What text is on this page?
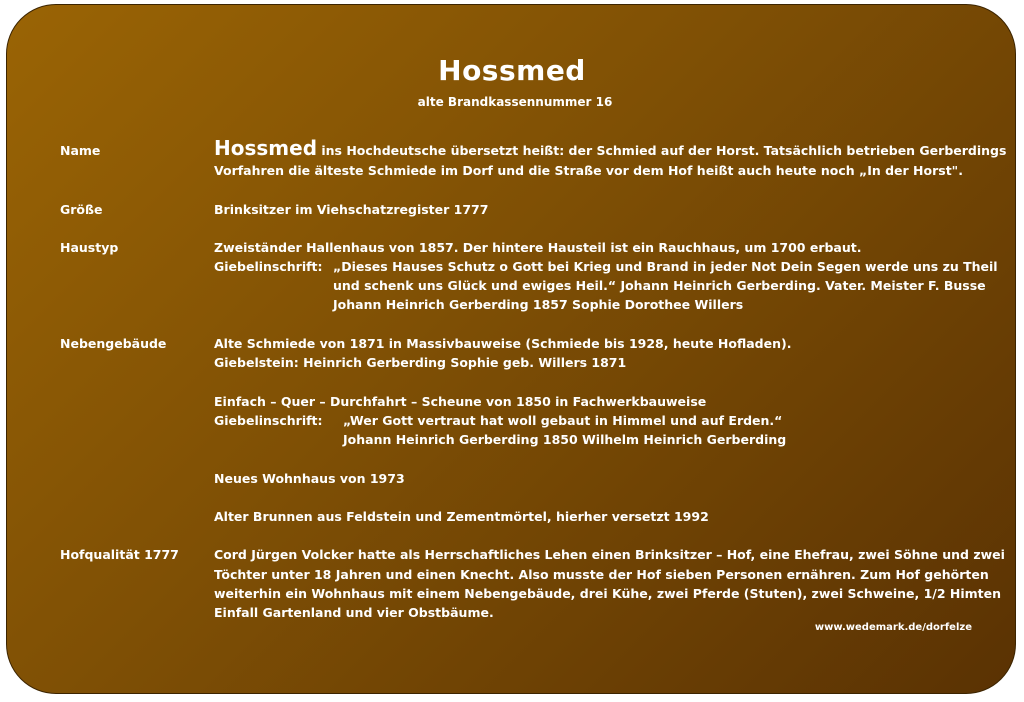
Hossmed
alte Brandkassennummer 16
Name	Hossmed ins Hochdeutsche übersetzt heißt: der Schmied auf der Horst. Tatsächlich betrieben Gerberdings
Vorfahren die älteste Schmiede im Dorf und die Straße vor dem Hof heißt auch heute noch „In der Horst".
Größe	Brinksitzer im Viehschatzregister 1777
Haustyp	Zweiständer Hallenhaus von 1857. Der hintere Hausteil ist ein Rauchhaus, um 1700 erbaut.
Giebelinschrift: „Dieses Hauses Schutz o Gott bei Krieg und Brand in jeder Not Dein Segen werde uns zu Theil
und schenk uns Glück und ewiges Heil.“ Johann Heinrich Gerberding. Vater. Meister F. Busse
Johann Heinrich Gerberding 1857 Sophie Dorothee Willers
Nebengebäude	Alte Schmiede von 1871 in Massivbauweise (Schmiede bis 1928, heute Hofladen).
Giebelstein: Heinrich Gerberding Sophie geb. Willers 1871
Einfach – Quer – Durchfahrt – Scheune von 1850 in Fachwerkbauweise
Giebelinschrift: „Wer Gott vertraut hat woll gebaut in Himmel und auf Erden.“
Johann Heinrich Gerberding 1850 Wilhelm Heinrich Gerberding
Neues Wohnhaus von 1973
Alter Brunnen aus Feldstein und Zementmörtel, hierher versetzt 1992
Hofqualität 1777	Cord Jürgen Volcker hatte als Herrschaftliches Lehen einen Brinksitzer – Hof, eine Ehefrau, zwei Söhne und zwei
Töchter unter 18 Jahren und einen Knecht. Also musste der Hof sieben Personen ernähren. Zum Hof gehörten
weiterhin ein Wohnhaus mit einem Nebengebäude, drei Kühe, zwei Pferde (Stuten), zwei Schweine, 1/2 Himten
Einfall Gartenland und vier Obstbäume.
www.wedemark.de/dorfelze
